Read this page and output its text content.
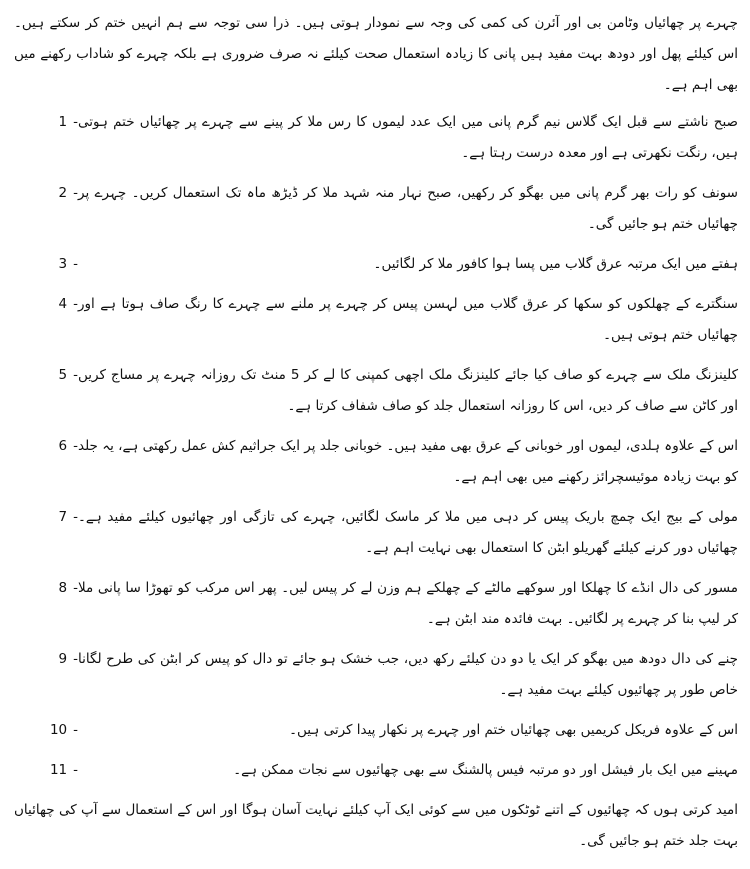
چہرے پر چھائیاں وٹامن بی اور آئرن کی کمی کی وجہ سے نمودار ہوتی ہیں۔ ذرا سی توجہ سے ہم انہیں ختم کر سکتے ہیں۔ اس کیلئے پھل اور دودھ بہت مفید ہیں پانی کا زیادہ استعمال صحت کیلئے نہ صرف ضروری ہے بلکہ چہرے کو شاداب رکھنے میں بھی اہم ہے۔

صبح ناشتے سے قبل ایک گلاس نیم گرم پانی میں ایک عدد لیموں کا رس ملا کر پینے سے چہرے پر چھائیاں ختم ہوتی ہیں، رنگت نکھرتی ہے اور معدہ درست رہتا ہے۔
1 -
سونف کو رات بھر گرم پانی میں بھگو کر رکھیں، صبح نہار منہ شہد ملا کر ڈیڑھ ماہ تک استعمال کریں۔ چہرے پر چھائیاں ختم ہو جائیں گی۔
2 -
ہفتے میں ایک مرتبہ عرق گلاب میں پسا ہوا کافور ملا کر لگائیں۔
3 -
سنگترے کے چھلکوں کو سکھا کر عرق گلاب میں لہسن پیس کر چہرے پر ملنے سے چہرے کا رنگ صاف ہوتا ہے اور چھائیاں ختم ہوتی ہیں۔
4 -
کلینزنگ ملک سے چہرے کو صاف کیا جائے کلینزنگ ملک اچھی کمپنی کا لے کر 5 منٹ تک روزانہ چہرے پر مساج کریں اور کاٹن سے صاف کر دیں، اس کا روزانہ استعمال جلد کو صاف شفاف کرتا ہے۔
5 -
اس کے علاوہ ہلدی، لیموں اور خوبانی کے عرق بھی مفید ہیں۔ خوبانی جلد پر ایک جراثیم کش عمل رکھتی ہے، یہ جلد کو بہت زیادہ موئیسچرائز رکھنے میں بھی اہم ہے۔
6 -
مولی کے بیج ایک چمچ باریک پیس کر دہی میں ملا کر ماسک لگائیں، چہرے کی تازگی اور چھائیوں کیلئے مفید ہے۔ چھائیاں دور کرنے کیلئے گھریلو ابٹن کا استعمال بھی نہایت اہم ہے۔
7 -
مسور کی دال انڈے کا چھلکا اور سوکھے مالٹے کے چھلکے ہم وزن لے کر پیس لیں۔ پھر اس مرکب کو تھوڑا سا پانی ملا کر لیپ بنا کر چہرے پر لگائیں۔ بہت فائدہ مند ابٹن ہے۔
8 -
چنے کی دال دودھ میں بھگو کر ایک یا دو دن کیلئے رکھ دیں، جب خشک ہو جائے تو دال کو پیس کر ابٹن کی طرح لگانا خاص طور پر چھائیوں کیلئے بہت مفید ہے۔
9 -
اس کے علاوہ فریکل کریمیں بھی چھائیاں ختم اور چہرے پر نکھار پیدا کرتی ہیں۔
10 -
مہینے میں ایک بار فیشل اور دو مرتبہ فیس پالشنگ سے بھی چھائیوں سے نجات ممکن ہے۔
11 -

امید کرتی ہوں کہ چھائیوں کے اتنے ٹوٹکوں میں سے کوئی ایک آپ کیلئے نہایت آسان ہوگا اور اس کے استعمال سے آپ کی چھائیاں بہت جلد ختم ہو جائیں گی۔
